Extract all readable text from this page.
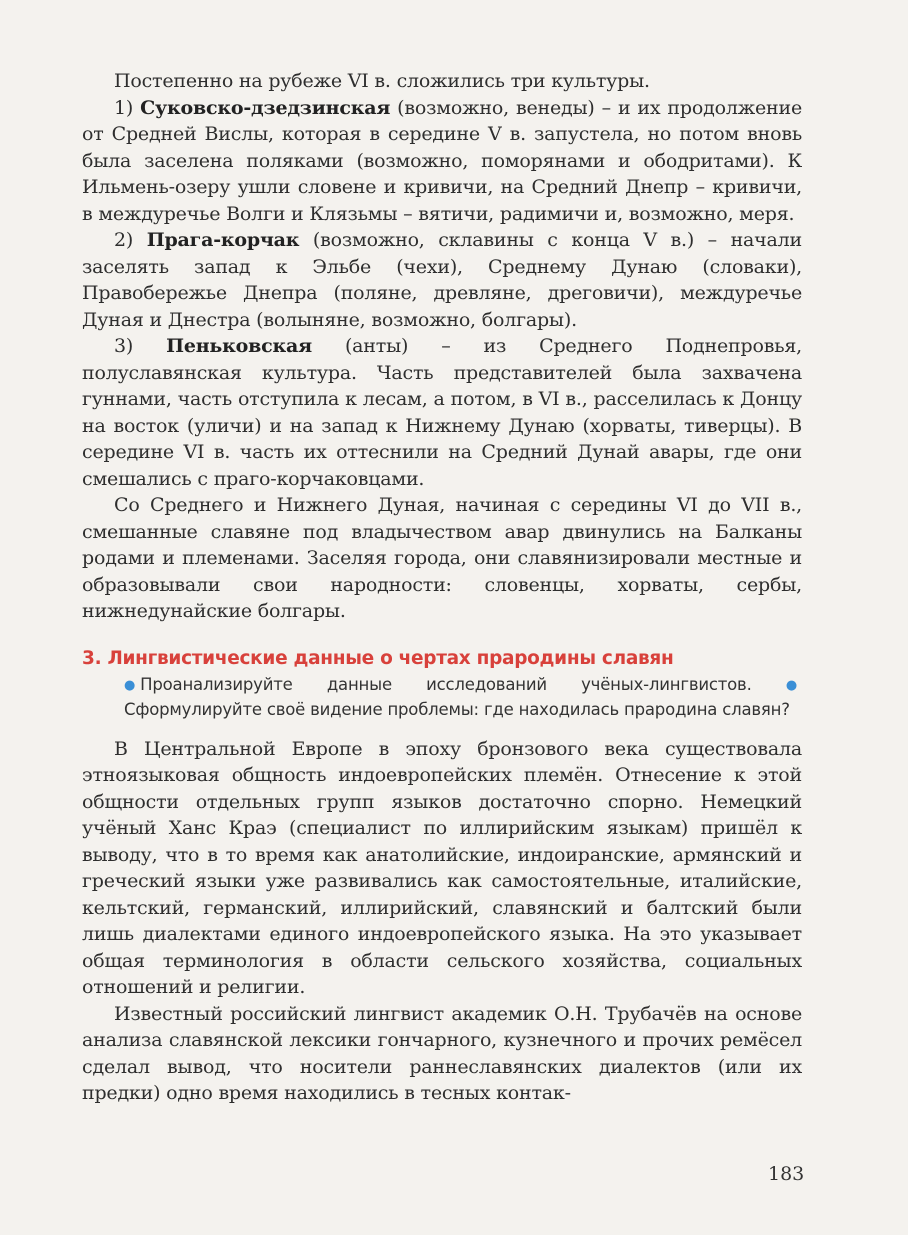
Постепенно на рубеже VI в. сложились три культуры.

1) Суковско-дзедзинская (возможно, венеды) – и их продолжение от Средней Вислы, которая в середине V в. запустела, но потом вновь была заселена поляками (возможно, поморянами и ободритами). К Ильмень-озеру ушли словене и кривичи, на Средний Днепр – кривичи, в междуречье Волги и Клязьмы – вятичи, радимичи и, возможно, меря.

2) Прага-корчак (возможно, склавины с конца V в.) – начали заселять запад к Эльбе (чехи), Среднему Дунаю (словаки), Правобережье Днепра (поляне, древляне, дреговичи), междуречье Дуная и Днестра (волыняне, возможно, болгары).

3) Пеньковская (анты) – из Среднего Поднепровья, полуславянская культура. Часть представителей была захвачена гуннами, часть отступила к лесам, а потом, в VI в., расселилась к Донцу на восток (уличи) и на запад к Нижнему Дунаю (хорваты, тиверцы). В середине VI в. часть их оттеснили на Средний Дунай авары, где они смешались с праго-корчаковцами.

Со Среднего и Нижнего Дуная, начиная с середины VI до VII в., смешанные славяне под владычеством авар двинулись на Балканы родами и племенами. Заселяя города, они славянизировали местные и образовывали свои народности: словенцы, хорваты, сербы, нижнедунайские болгары.

3. Лингвистические данные о чертах прародины славян
● Проанализируйте данные исследований учёных-лингвистов.	●Сформулируйте своё видение проблемы: где находилась прародина славян?

В Центральной Европе в эпоху бронзового века существовала этноязыковая общность индоевропейских племён. Отнесение к этой общности отдельных групп языков достаточно спорно. Немецкий учёный Ханс Краэ (специалист по иллирийским языкам) пришёл к выводу, что в то время как анатолийские, индоиранские, армянский и греческий языки уже развивались как самостоятельные, италийские, кельтский, германский, иллирийский, славянский и балтский были лишь диалектами единого индоевропейского языка. На это указывает общая терминология в области сельского хозяйства, социальных отношений и религии.

Известный российский лингвист академик О.Н. Трубачёв на основе анализа славянской лексики гончарного, кузнечного и прочих ремёсел сделал вывод, что носители раннеславянских диалектов (или их предки) одно время находились в тесных контак-

183
